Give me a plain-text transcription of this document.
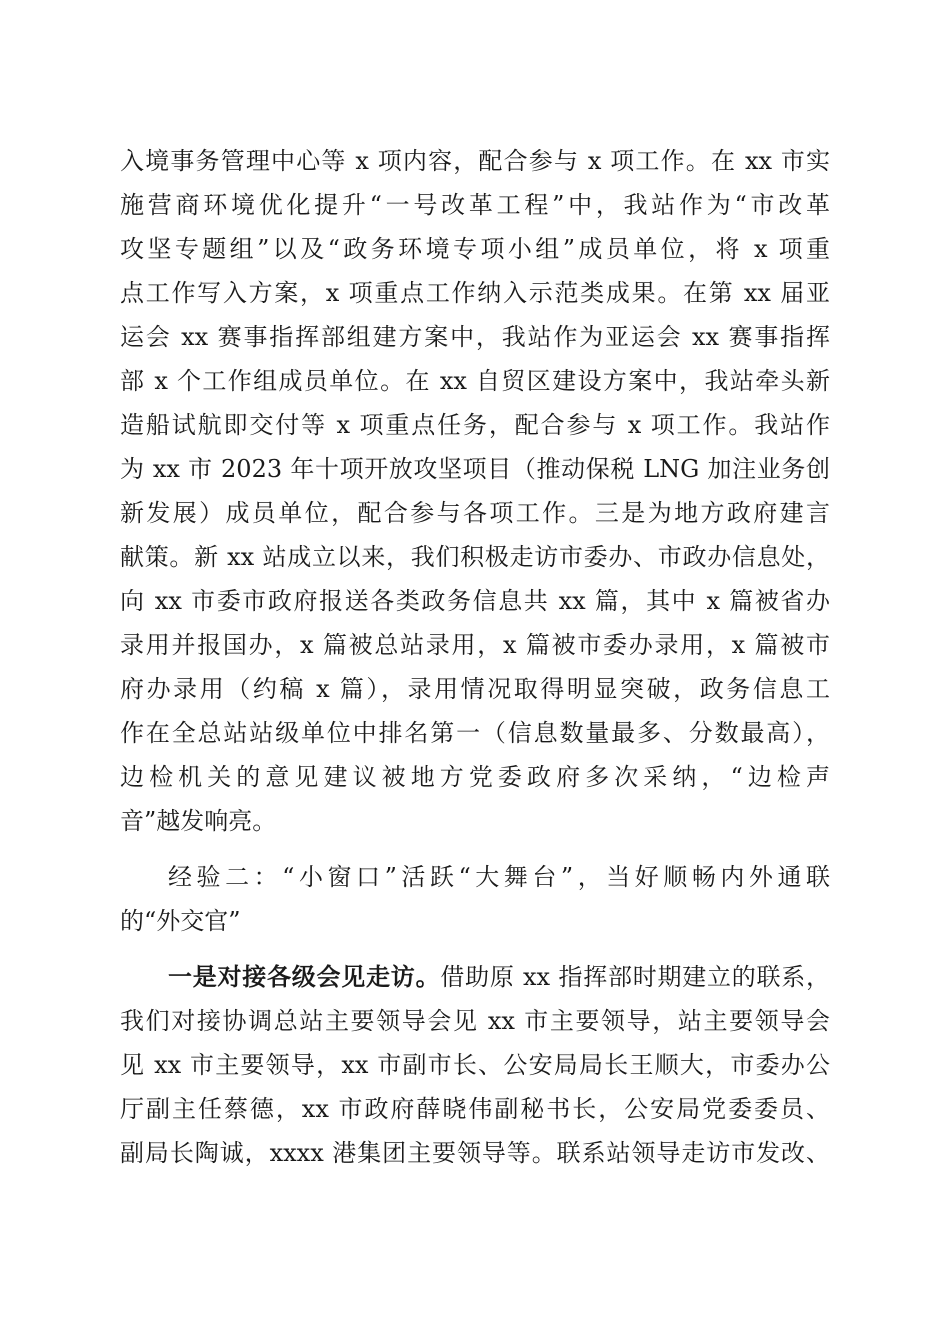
入境事务管理中心等 x 项内容，配合参与 x 项工作。在 xx 市实
施营商环境优化提升“一号改革工程”中，我站作为“市改革
攻坚专题组”以及“政务环境专项小组”成员单位，将 x 项重
点工作写入方案，x 项重点工作纳入示范类成果。在第 xx 届亚
运会 xx 赛事指挥部组建方案中，我站作为亚运会 xx 赛事指挥
部 x 个工作组成员单位。在 xx 自贸区建设方案中，我站牵头新
造船试航即交付等 x 项重点任务，配合参与 x 项工作。我站作
为 xx 市 2023 年十项开放攻坚项目（推动保税 LNG 加注业务创
新发展）成员单位，配合参与各项工作。三是为地方政府建言
献策。新 xx 站成立以来，我们积极走访市委办、市政办信息处，
向 xx 市委市政府报送各类政务信息共 xx 篇，其中 x 篇被省办
录用并报国办，x 篇被总站录用，x 篇被市委办录用，x 篇被市
府办录用（约稿 x 篇），录用情况取得明显突破，政务信息工
作在全总站站级单位中排名第一（信息数量最多、分数最高），
边检机关的意见建议被地方党委政府多次采纳，“边检声
音”越发响亮。
经验二：“小窗口”活跃“大舞台”，当好顺畅内外通联
的“外交官”
一是对接各级会见走访。借助原 xx 指挥部时期建立的联系，
我们对接协调总站主要领导会见 xx 市主要领导，站主要领导会
见 xx 市主要领导，xx 市副市长、公安局局长王顺大，市委办公
厅副主任蔡德，xx 市政府薛晓伟副秘书长，公安局党委委员、
副局长陶诚，xxxx 港集团主要领导等。联系站领导走访市发改、
